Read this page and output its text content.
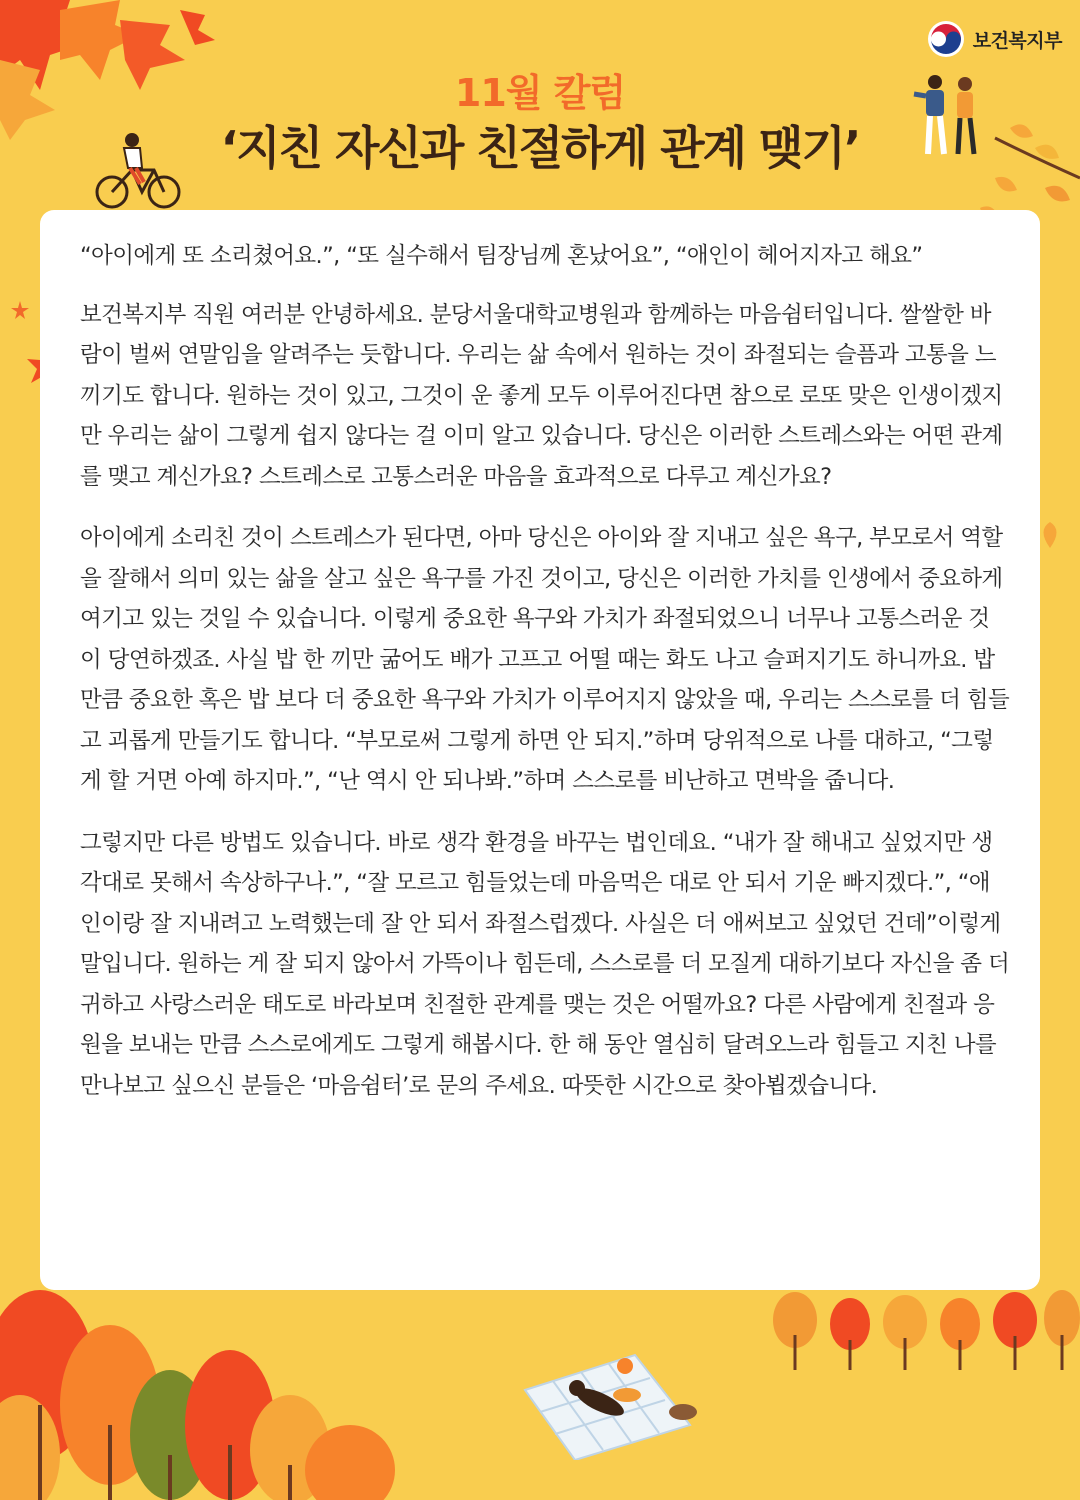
보건복지부
11월 칼럼
‘지친 자신과 친절하게 관계 맺기’

“아이에게 또 소리쳤어요.”, “또 실수해서 팀장님께 혼났어요”, “애인이 헤어지자고 해요”

보건복지부 직원 여러분 안녕하세요. 분당서울대학교병원과 함께하는 마음쉼터입니다. 쌀쌀한 바람이 벌써 연말임을 알려주는 듯합니다. 우리는 삶 속에서 원하는 것이 좌절되는 슬픔과 고통을 느끼기도 합니다. 원하는 것이 있고, 그것이 운 좋게 모두 이루어진다면 참으로 로또 맞은 인생이겠지만 우리는 삶이 그렇게 쉽지 않다는 걸 이미 알고 있습니다. 당신은 이러한 스트레스와는 어떤 관계를 맺고 계신가요? 스트레스로 고통스러운 마음을 효과적으로 다루고 계신가요?

아이에게 소리친 것이 스트레스가 된다면, 아마 당신은 아이와 잘 지내고 싶은 욕구, 부모로서 역할을 잘해서 의미 있는 삶을 살고 싶은 욕구를 가진 것이고, 당신은 이러한 가치를 인생에서 중요하게 여기고 있는 것일 수 있습니다. 이렇게 중요한 욕구와 가치가 좌절되었으니 너무나 고통스러운 것이 당연하겠죠. 사실 밥 한 끼만 굶어도 배가 고프고 어떨 때는 화도 나고 슬퍼지기도 하니까요. 밥만큼 중요한 혹은 밥 보다 더 중요한 욕구와 가치가 이루어지지 않았을 때, 우리는 스스로를 더 힘들고 괴롭게 만들기도 합니다. “부모로써 그렇게 하면 안 되지.”하며 당위적으로 나를 대하고, “그렇게 할 거면 아예 하지마.”, “난 역시 안 되나봐.”하며 스스로를 비난하고 면박을 줍니다.

그렇지만 다른 방법도 있습니다. 바로 생각 환경을 바꾸는 법인데요. “내가 잘 해내고 싶었지만 생각대로 못해서 속상하구나.”, “잘 모르고 힘들었는데 마음먹은 대로 안 되서 기운 빠지겠다.”, “애인이랑 잘 지내려고 노력했는데 잘 안 되서 좌절스럽겠다. 사실은 더 애써보고 싶었던 건데”이렇게 말입니다. 원하는 게 잘 되지 않아서 가뜩이나 힘든데, 스스로를 더 모질게 대하기보다 자신을 좀 더 귀하고 사랑스러운 태도로 바라보며 친절한 관계를 맺는 것은 어떨까요? 다른 사람에게 친절과 응원을 보내는 만큼 스스로에게도 그렇게 해봅시다. 한 해 동안 열심히 달려오느라 힘들고 지친 나를 만나보고 싶으신 분들은 ‘마음쉼터’로 문의 주세요. 따뜻한 시간으로 찾아뵙겠습니다.
